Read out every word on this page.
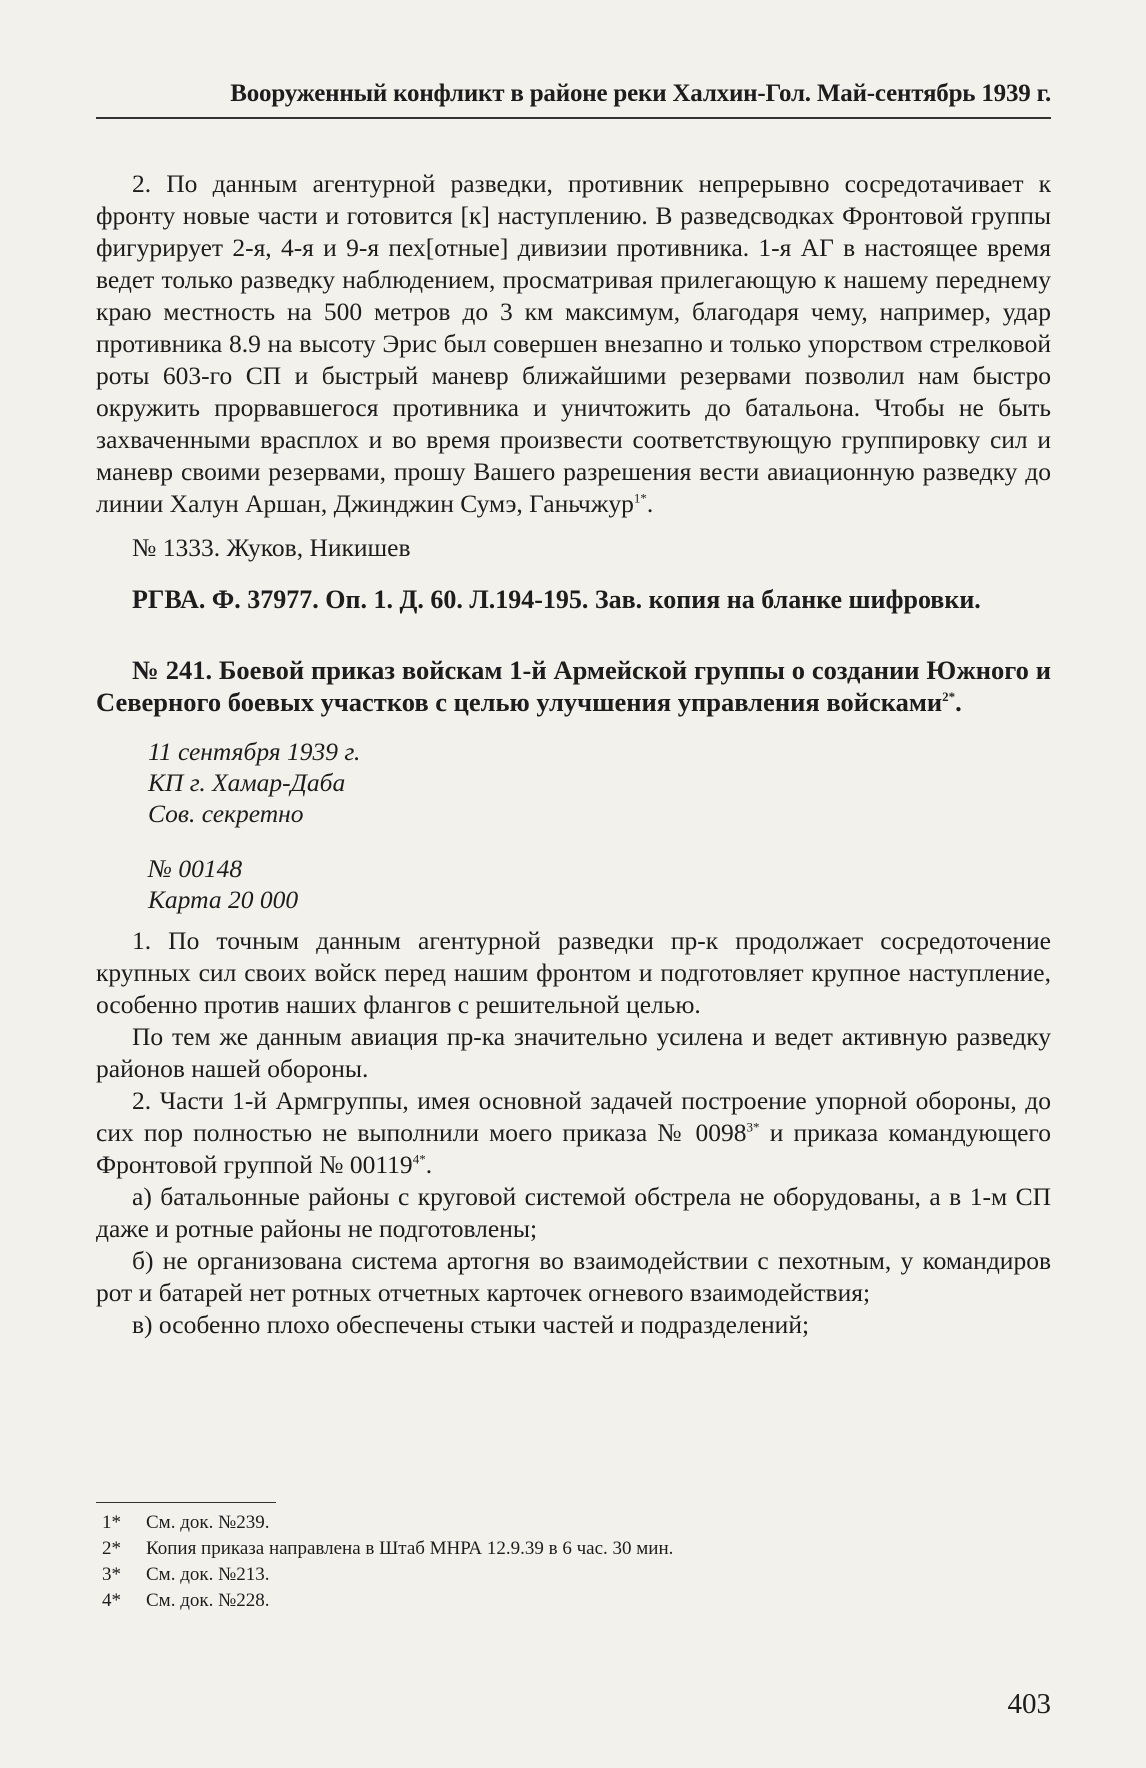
Вооруженный конфликт в районе реки Халхин-Гол. Май-сентябрь 1939 г.

2. По данным агентурной разведки, противник непрерывно сосредотачивает к фронту новые части и готовится [к] наступлению. В разведсводках Фронтовой группы фигурирует 2-я, 4-я и 9-я пех[отные] дивизии противника. 1-я АГ в настоящее время ведет только разведку наблюдением, просматривая прилегающую к нашему переднему краю местность на 500 метров до 3 км максимум, благодаря чему, например, удар противника 8.9 на высоту Эрис был совершен внезапно и только упорством стрелковой роты 603-го СП и быстрый маневр ближайшими резервами позволил нам быстро окружить прорвавшегося противника и уничтожить до батальона. Чтобы не быть захваченными врасплох и во время произвести соответствующую группировку сил и маневр своими резервами, прошу Вашего разрешения вести авиационную разведку до линии Халун Аршан, Джинджин Сумэ, Ганьчжур$^{1*}$.

№ 1333. Жуков, Никишев

РГВА. Ф. 37977. Оп. 1. Д. 60. Л.194-195. Зав. копия на бланке шифровки.

№ 241. Боевой приказ войскам 1-й Армейской группы о создании Южного и Северного боевых участков с целью улучшения управления войсками$^{2*}$.

11 сентября 1939 г.
КП г. Хамар-Даба
Сов. секретно
№ 00148
Карта 20 000

1. По точным данным агентурной разведки пр-к продолжает сосредоточение крупных сил своих войск перед нашим фронтом и подготовляет крупное наступление, особенно против наших флангов с решительной целью.

По тем же данным авиация пр-ка значительно усилена и ведет активную разведку районов нашей обороны.

2. Части 1-й Армгруппы, имея основной задачей построение упорной обороны, до сих пор полностью не выполнили моего приказа № $0098^{3*}$ и приказа командующего Фронтовой группой № $00119^{4*}$.

а) батальонные районы с круговой системой обстрела не оборудованы, а в 1-м СП даже и ротные районы не подготовлены;

б) не организована система артогня во взаимодействии с пехотным, у командиров рот и батарей нет ротных отчетных карточек огневого взаимодействия;

в) особенно плохо обеспечены стыки частей и подразделений;

1*	См. док. №239.
2*	Копия приказа направлена в Штаб МНРА 12.9.39 в 6 час. 30 мин.
3*	См. док. №213.
4*	См. док. №228.
403
